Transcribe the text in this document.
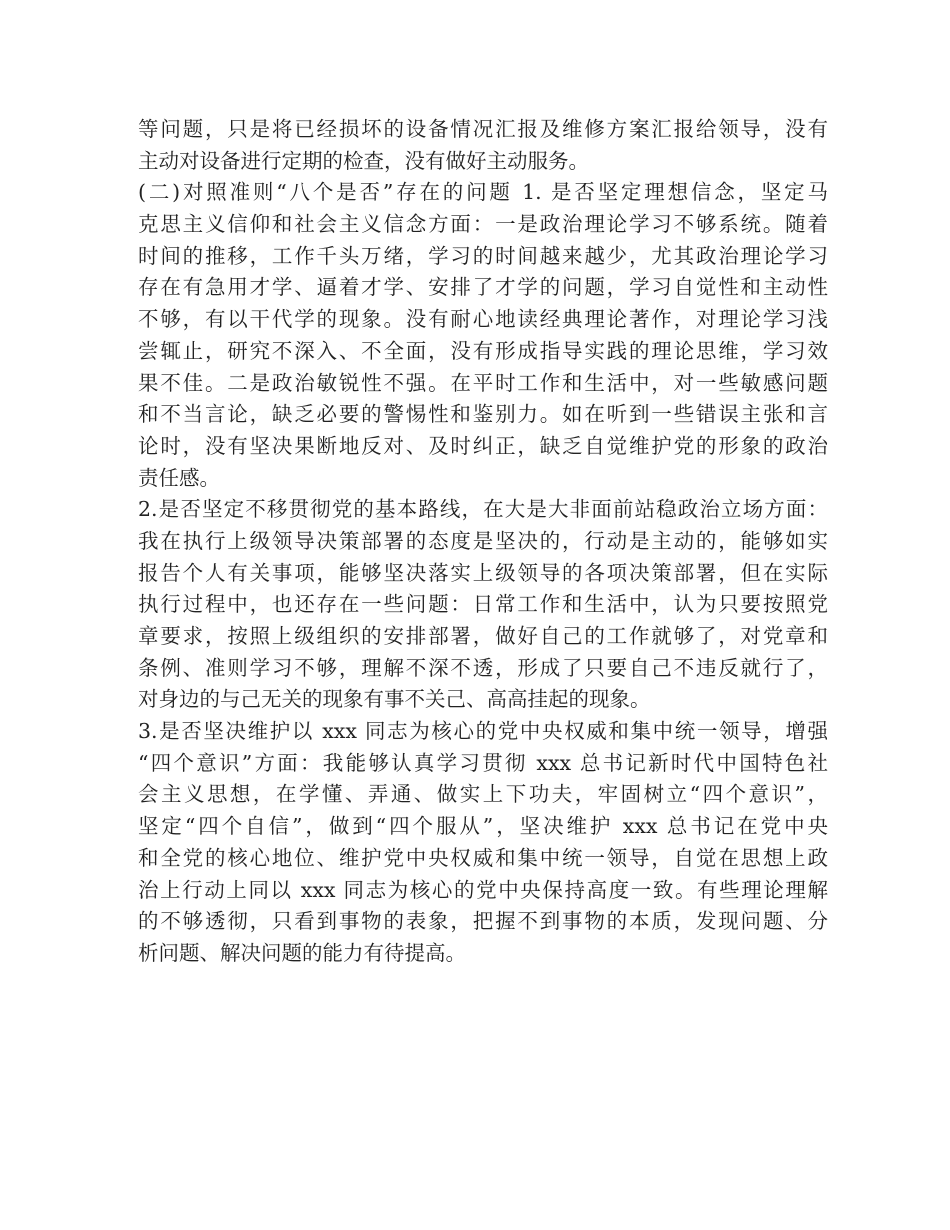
等问题，只是将已经损坏的设备情况汇报及维修方案汇报给领导，没有
主动对设备进行定期的检查，没有做好主动服务。
(二)对照准则“八个是否”存在的问题 1. 是否坚定理想信念，坚定马
克思主义信仰和社会主义信念方面：一是政治理论学习不够系统。随着
时间的推移，工作千头万绪，学习的时间越来越少，尤其政治理论学习
存在有急用才学、逼着才学、安排了才学的问题，学习自觉性和主动性
不够，有以干代学的现象。没有耐心地读经典理论著作，对理论学习浅
尝辄止，研究不深入、不全面，没有形成指导实践的理论思维，学习效
果不佳。二是政治敏锐性不强。在平时工作和生活中，对一些敏感问题
和不当言论，缺乏必要的警惕性和鉴别力。如在听到一些错误主张和言
论时，没有坚决果断地反对、及时纠正，缺乏自觉维护党的形象的政治
责任感。
2.是否坚定不移贯彻党的基本路线，在大是大非面前站稳政治立场方面：
我在执行上级领导决策部署的态度是坚决的，行动是主动的，能够如实
报告个人有关事项，能够坚决落实上级领导的各项决策部署，但在实际
执行过程中，也还存在一些问题：日常工作和生活中，认为只要按照党
章要求，按照上级组织的安排部署，做好自己的工作就够了，对党章和
条例、准则学习不够，理解不深不透，形成了只要自己不违反就行了，
对身边的与己无关的现象有事不关己、高高挂起的现象。
3.是否坚决维护以 xxx 同志为核心的党中央权威和集中统一领导，增强
“四个意识”方面：我能够认真学习贯彻 xxx 总书记新时代中国特色社
会主义思想，在学懂、弄通、做实上下功夫，牢固树立“四个意识”，
坚定“四个自信”，做到“四个服从”，坚决维护 xxx 总书记在党中央
和全党的核心地位、维护党中央权威和集中统一领导，自觉在思想上政
治上行动上同以 xxx 同志为核心的党中央保持高度一致。有些理论理解
的不够透彻，只看到事物的表象，把握不到事物的本质，发现问题、分
析问题、解决问题的能力有待提高。
